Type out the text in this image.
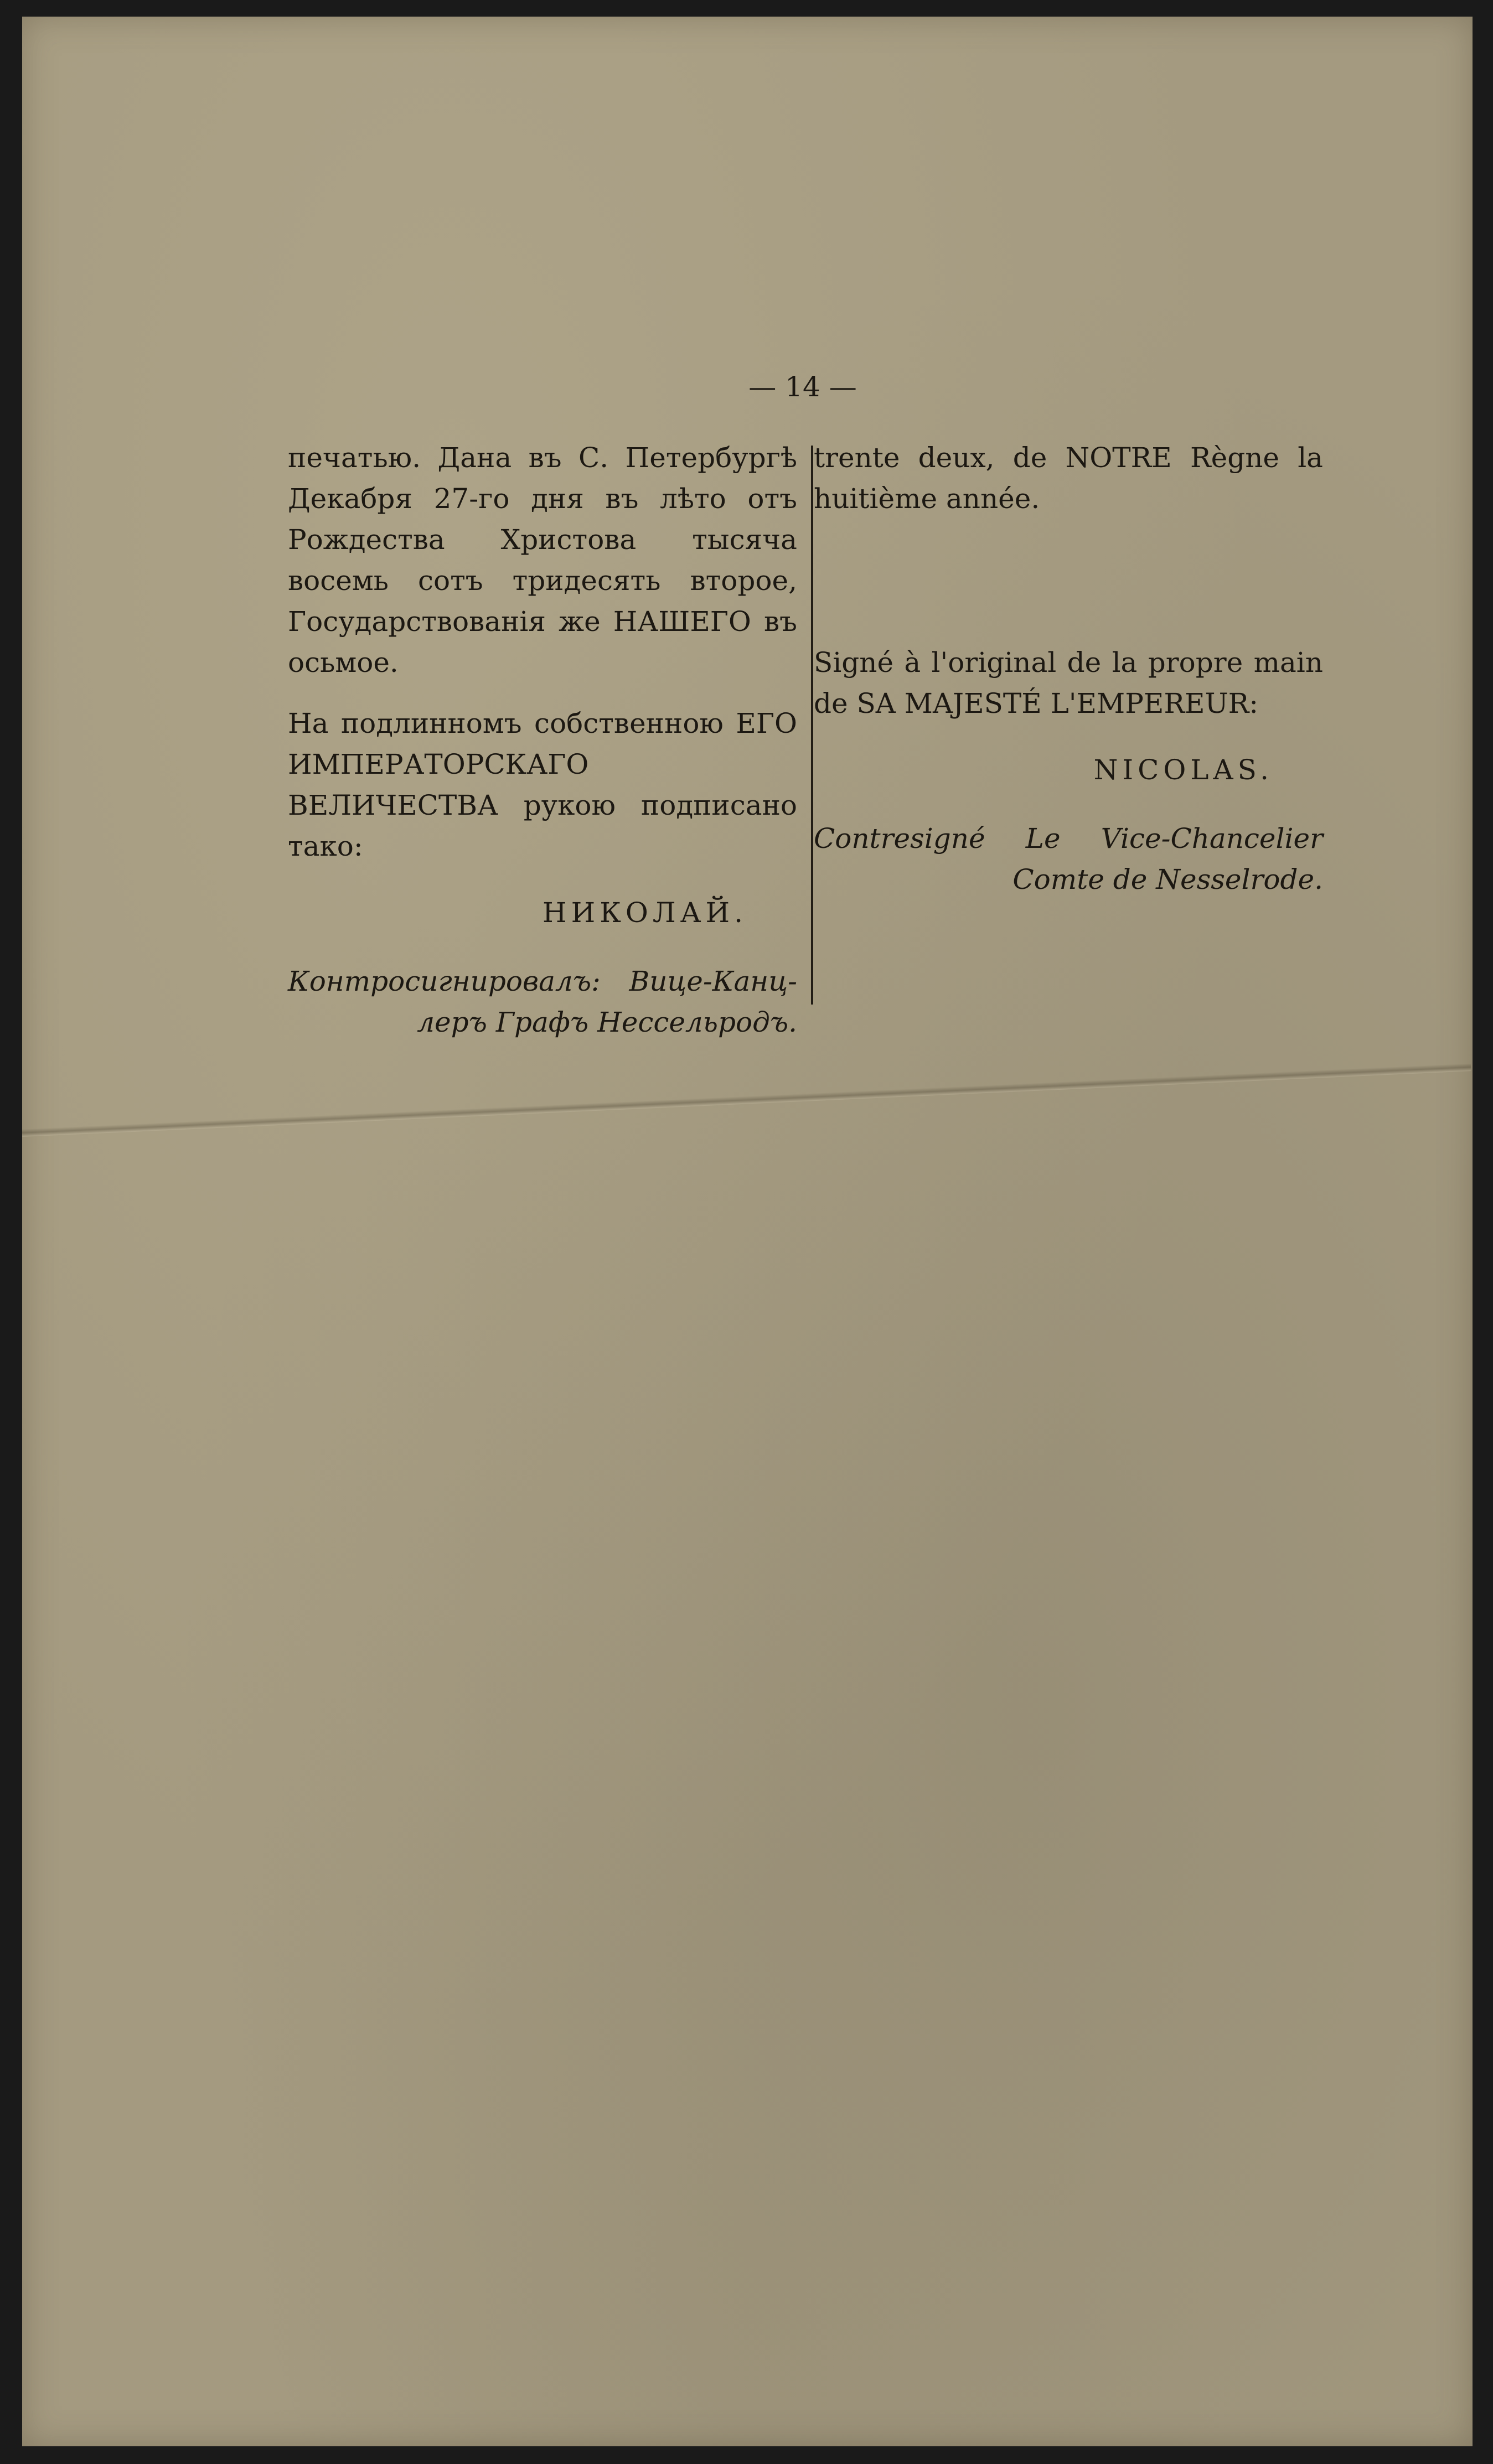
— 14 —

печатью. Дана въ С. Петербургѣ Декабря 27-го дня въ лѣто отъ Рождества Христова тысяча восемь сотъ тридесять второе, Государствованія же НАШЕГО въ осьмое.

На подлинномъ собственною ЕГО ИМПЕРАТОРСКАГО ВЕЛИЧЕСТВА рукою подписано тако:

НИКОЛАЙ.

Контросигнировалъ: Вице-Канц-
леръ Графъ Нессельродъ.

trente deux, de NOTRE Règne la huitième année.

Signé à l'original de la propre main de SA MAJESTÉ L'EMPEREUR:

NICOLAS.

Contresigné Le Vice-Chancelier
Comte de Nesselrode.
